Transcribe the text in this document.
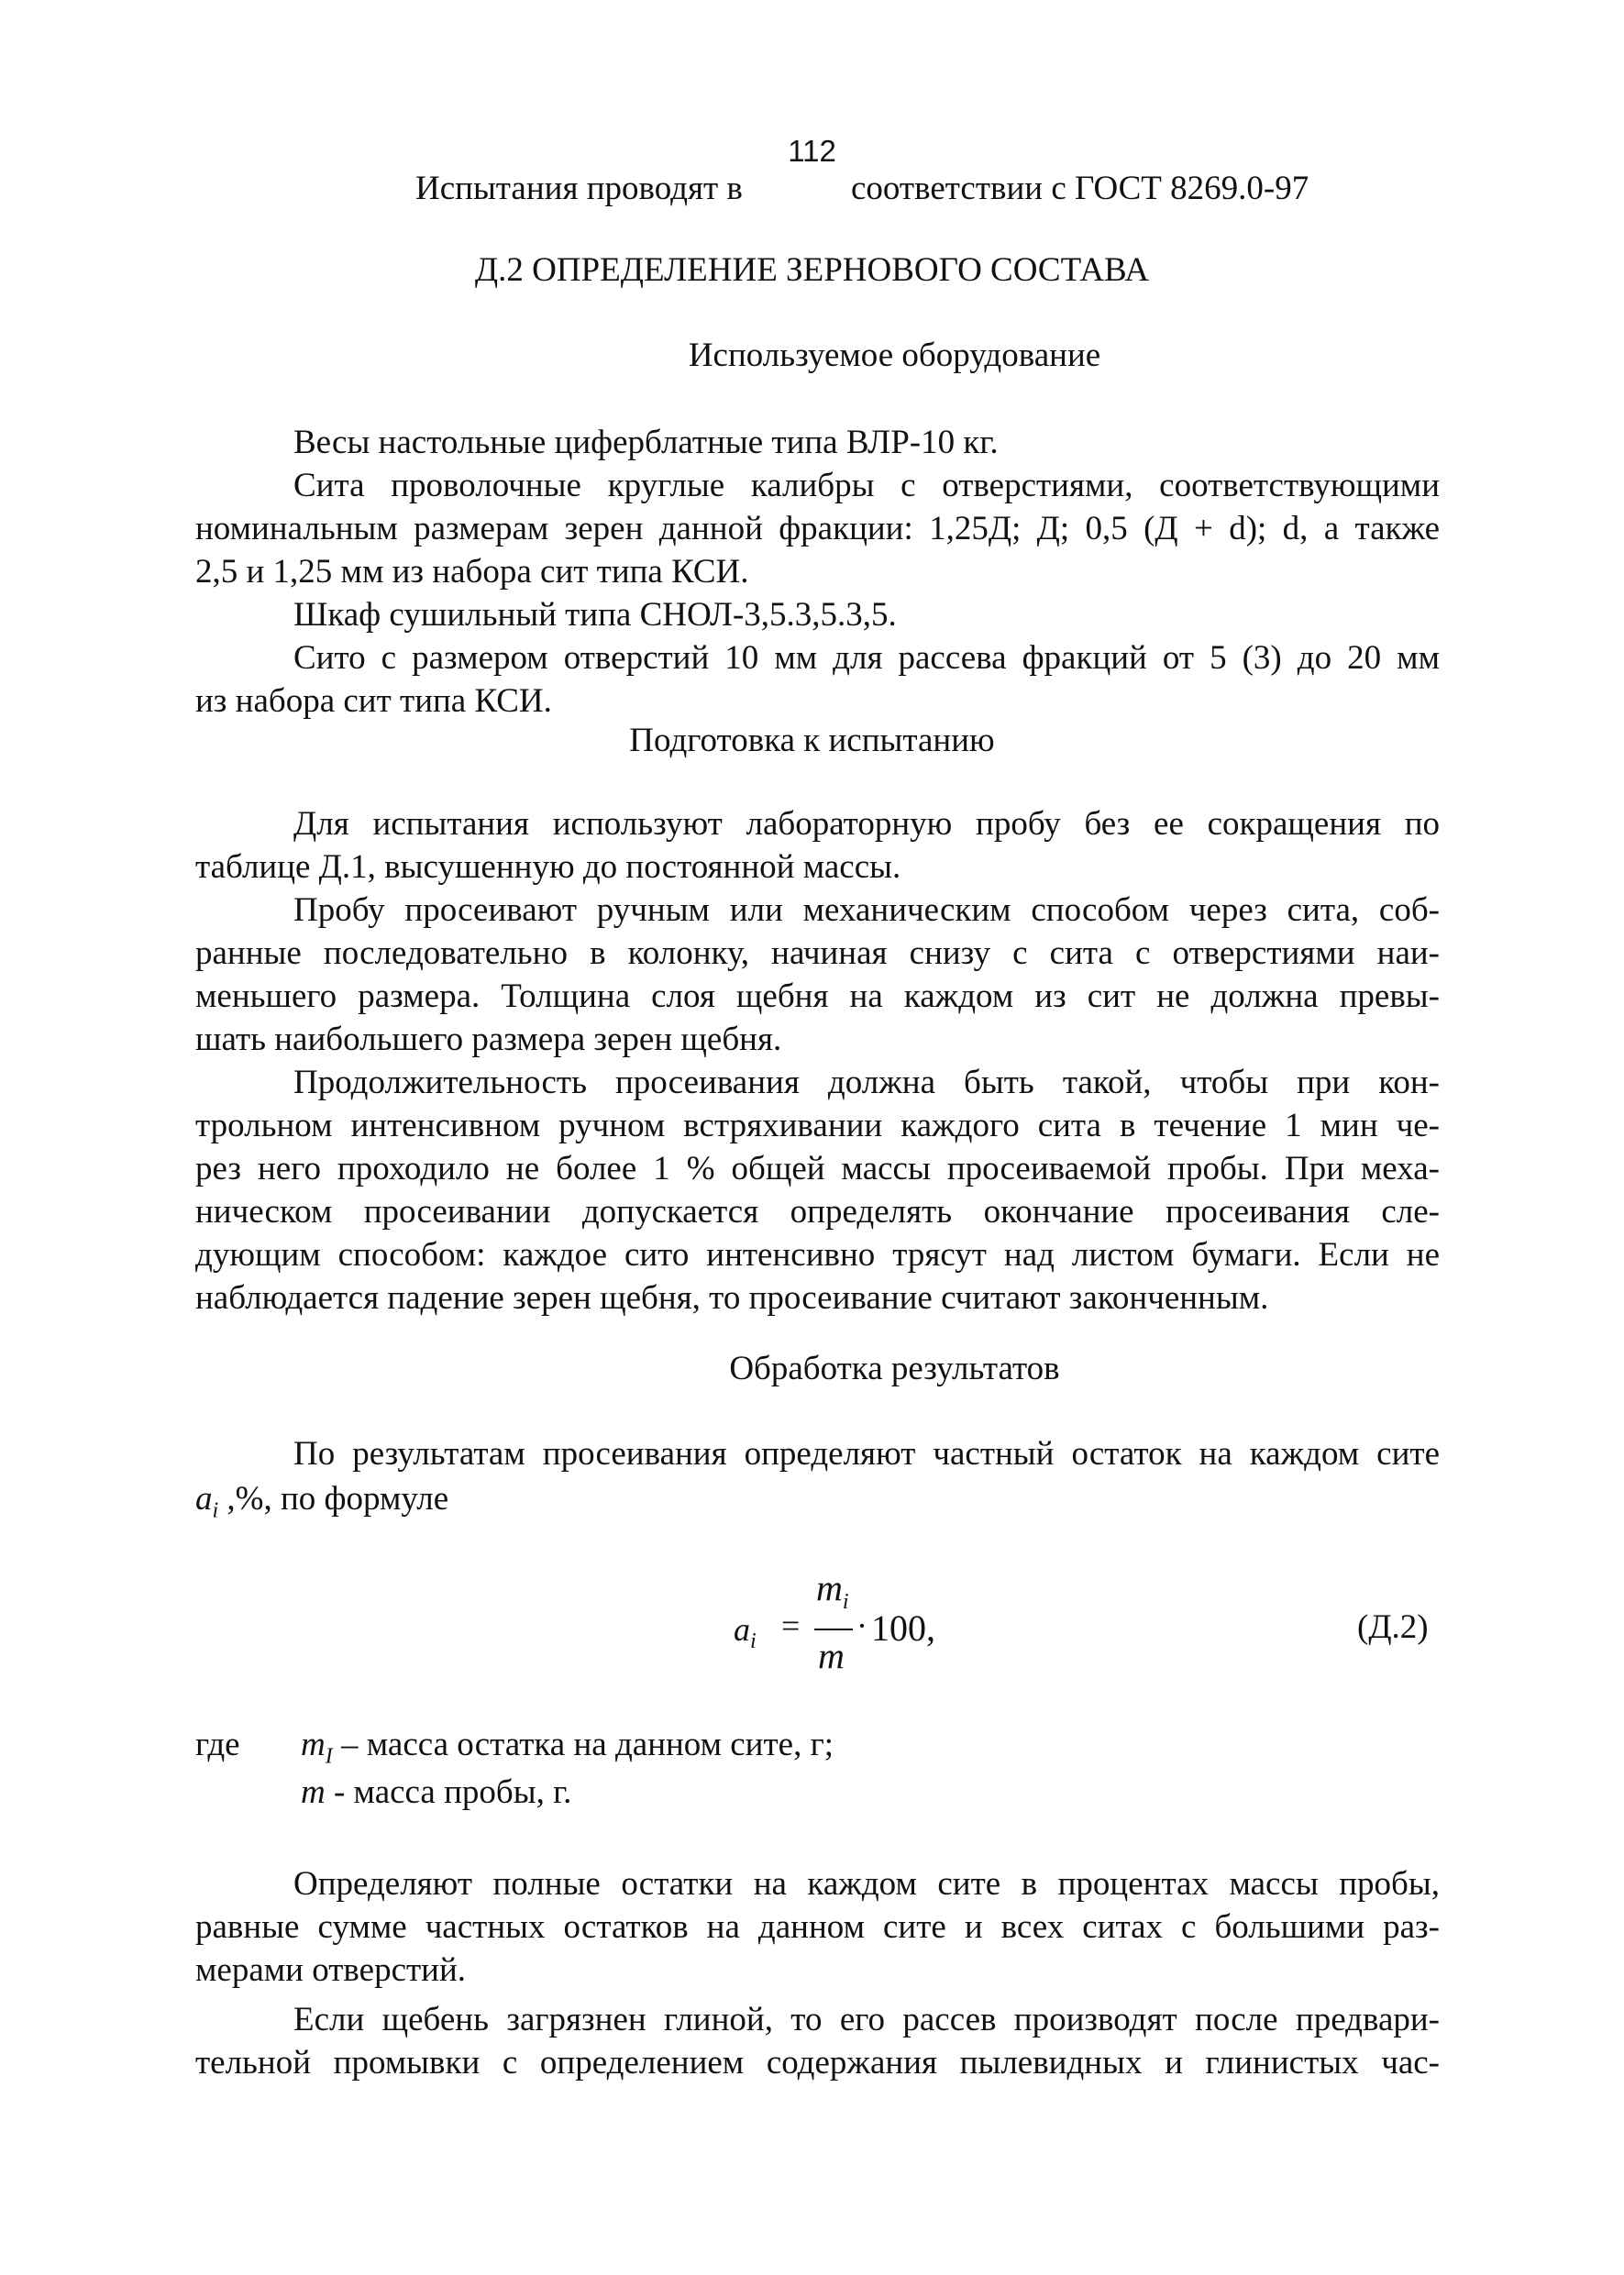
112
Испытания проводят в	соответствии с ГОСТ 8269.0-97
Д.2 ОПРЕДЕЛЕНИЕ ЗЕРНОВОГО СОСТАВА
Используемое оборудование
Весы настольные циферблатные типа ВЛР-10 кг.
Сита проволочные круглые калибры с отверстиями, соответствующими
номинальным размерам зерен данной фракции: 1,25Д; Д; 0,5 (Д + d); d, а также
2,5 и 1,25 мм из набора сит типа КСИ.
Шкаф сушильный типа СНОЛ-3,5.3,5.3,5.
Сито с размером отверстий 10 мм для рассева фракций от 5 (3) до 20 мм
из набора сит типа КСИ.
Подготовка к испытанию
Для испытания используют лабораторную пробу без ее сокращения по
таблице Д.1, высушенную до постоянной массы.
Пробу просеивают ручным или механическим способом через сита, соб-
ранные последовательно в колонку, начиная снизу с сита с отверстиями наи-
меньшего размера. Толщина слоя щебня на каждом из сит не должна превы-
шать наибольшего размера зерен щебня.
Продолжительность просеивания должна быть такой, чтобы при кон-
трольном интенсивном ручном встряхивании каждого сита в течение 1 мин че-
рез него проходило не более 1 % общей массы просеиваемой пробы. При меха-
ническом просеивании допускается определять окончание просеивания сле-
дующим способом: каждое сито интенсивно трясут над листом бумаги. Если не
наблюдается падение зерен щебня, то просеивание считают законченным.
Обработка результатов
По результатам просеивания определяют частный остаток на каждом сите
$a_i$ ,%, по формуле
$a_i$ =
$m_i$
m
· 100,	(Д.2)
где $m_I$ – масса остатка на данном сите, г;
m - масса пробы, г.
Определяют полные остатки на каждом сите в процентах массы пробы,
равные сумме частных остатков на данном сите и всех ситах с большими раз-
мерами отверстий.
Если щебень загрязнен глиной, то его рассев производят после предвари-
тельной промывки с определением содержания пылевидных и глинистых час-
